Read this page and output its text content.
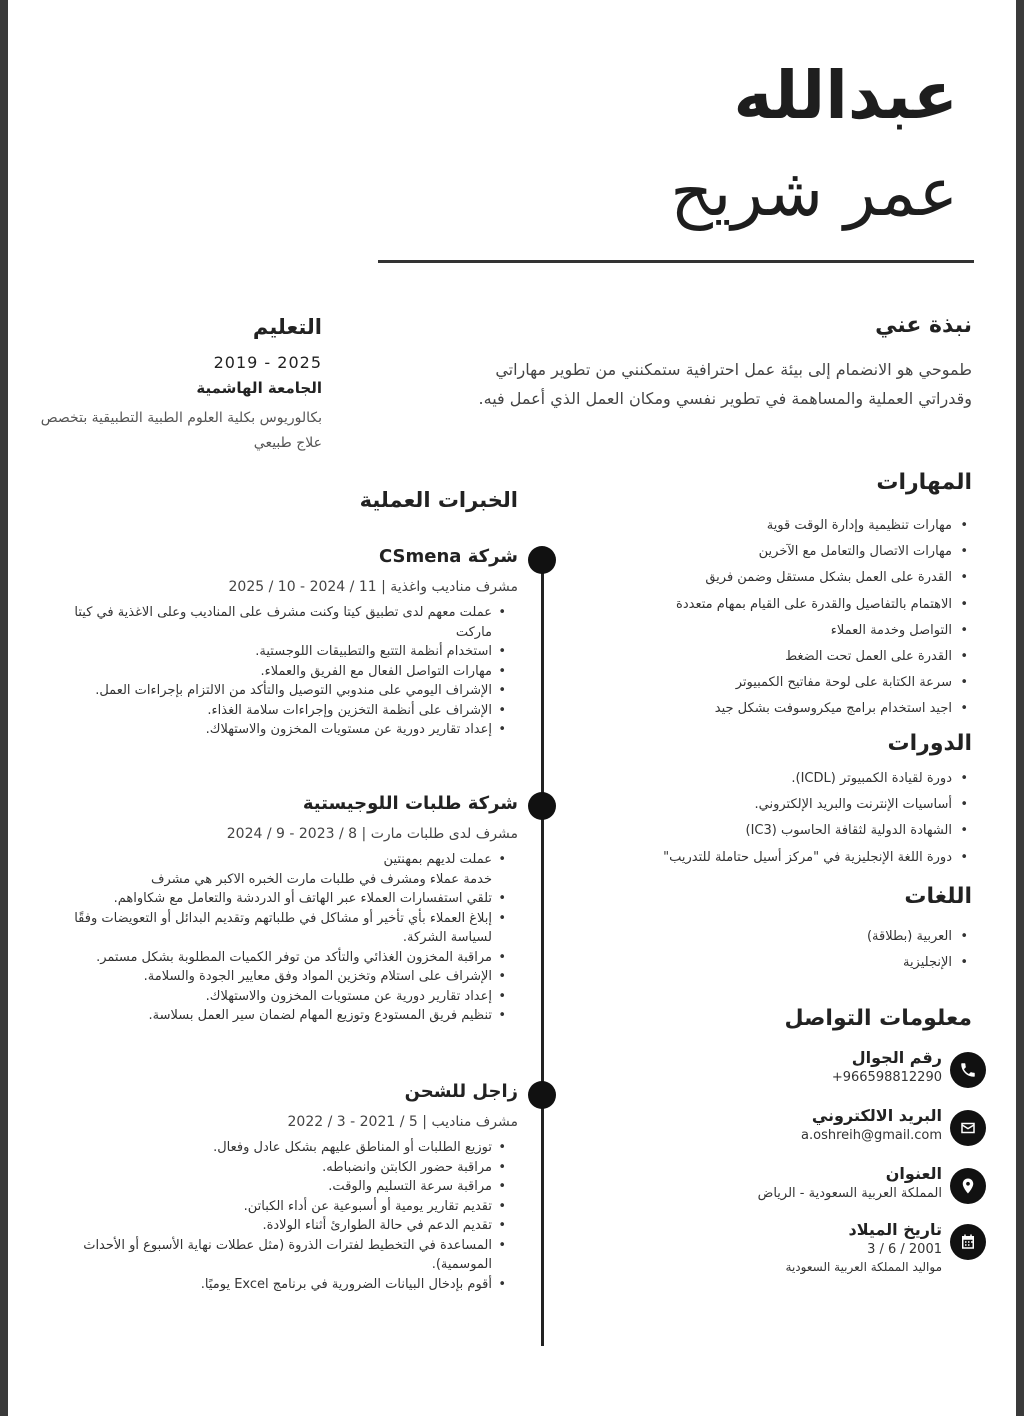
عبدالله
عمر شريح
نبذة عني
طموحي هو الانضمام إلى بيئة عمل احترافية ستمكنني من تطوير مهاراتي وقدراتي العملية والمساهمة في تطوير نفسي ومكان العمل الذي أعمل فيه.
المهارات
• مهارات تنظيمية وإدارة الوقت قوية
• مهارات الاتصال والتعامل مع الآخرين
• القدرة على العمل بشكل مستقل وضمن فريق
• الاهتمام بالتفاصيل والقدرة على القيام بمهام متعددة
• التواصل وخدمة العملاء
• القدرة على العمل تحت الضغط
• سرعة الكتابة على لوحة مفاتيح الكمبيوتر
• اجيد استخدام برامج ميكروسوفت بشكل جيد
الدورات
• دورة لقيادة الكمبيوتر (ICDL).
• أساسيات الإنترنت والبريد الإلكتروني.
• الشهادة الدولية لثقافة الحاسوب (IC3)
• دورة اللغة الإنجليزية في "مركز أسيل حتاملة للتدريب"
اللغات
• العربية (بطلاقة)
• الإنجليزية
معلومات التواصل
رقم الجوال
+966598812290
البريد الالكتروني
a.oshreih@gmail.com
العنوان
المملكة العربية السعودية - الرياض
تاريخ الميلاد
3 / 6 / 2001
مواليد المملكة العربية السعودية
التعليم
2019 - 2025
الجامعة الهاشمية
بكالوريوس بكلية العلوم الطبية التطبيقية بتخصص علاج طبيعي
الخبرات العملية
شركة CSmena
مشرف مناديب واغذية | 11 / 2024 - 10 / 2025
• عملت معهم لدى تطبيق كيتا وكنت مشرف على المناديب وعلى الاغذية في كيتا ماركت
• استخدام أنظمة التتبع والتطبيقات اللوجستية.
• مهارات التواصل الفعال مع الفريق والعملاء.
• الإشراف اليومي على مندوبي التوصيل والتأكد من الالتزام بإجراءات العمل.
• الإشراف على أنظمة التخزين وإجراءات سلامة الغذاء.
• إعداد تقارير دورية عن مستويات المخزون والاستهلاك.
شركة طلبات اللوجيستية
مشرف لدى طلبات مارت | 8 / 2023 - 9 / 2024
• عملت لديهم بمهنتين
خدمة عملاء ومشرف في طلبات مارت الخبره الاكبر هي مشرف
• تلقي استفسارات العملاء عبر الهاتف أو الدردشة والتعامل مع شكاواهم.
• إبلاغ العملاء بأي تأخير أو مشاكل في طلباتهم وتقديم البدائل أو التعويضات وفقًا لسياسة الشركة.
• مراقبة المخزون الغذائي والتأكد من توفر الكميات المطلوبة بشكل مستمر.
• الإشراف على استلام وتخزين المواد وفق معايير الجودة والسلامة.
• إعداد تقارير دورية عن مستويات المخزون والاستهلاك.
• تنظيم فريق المستودع وتوزيع المهام لضمان سير العمل بسلاسة.
زاجل للشحن
مشرف مناديب | 5 / 2021 - 3 / 2022
• توزيع الطلبات أو المناطق عليهم بشكل عادل وفعال.
• مراقبة حضور الكابتن وانضباطه.
• مراقبة سرعة التسليم والوقت.
• تقديم تقارير يومية أو أسبوعية عن أداء الكباتن.
• تقديم الدعم في حالة الطوارئ أثناء الولادة.
• المساعدة في التخطيط لفترات الذروة (مثل عطلات نهاية الأسبوع أو الأحداث الموسمية).
• أقوم بإدخال البيانات الضرورية في برنامج Excel يوميًا.
